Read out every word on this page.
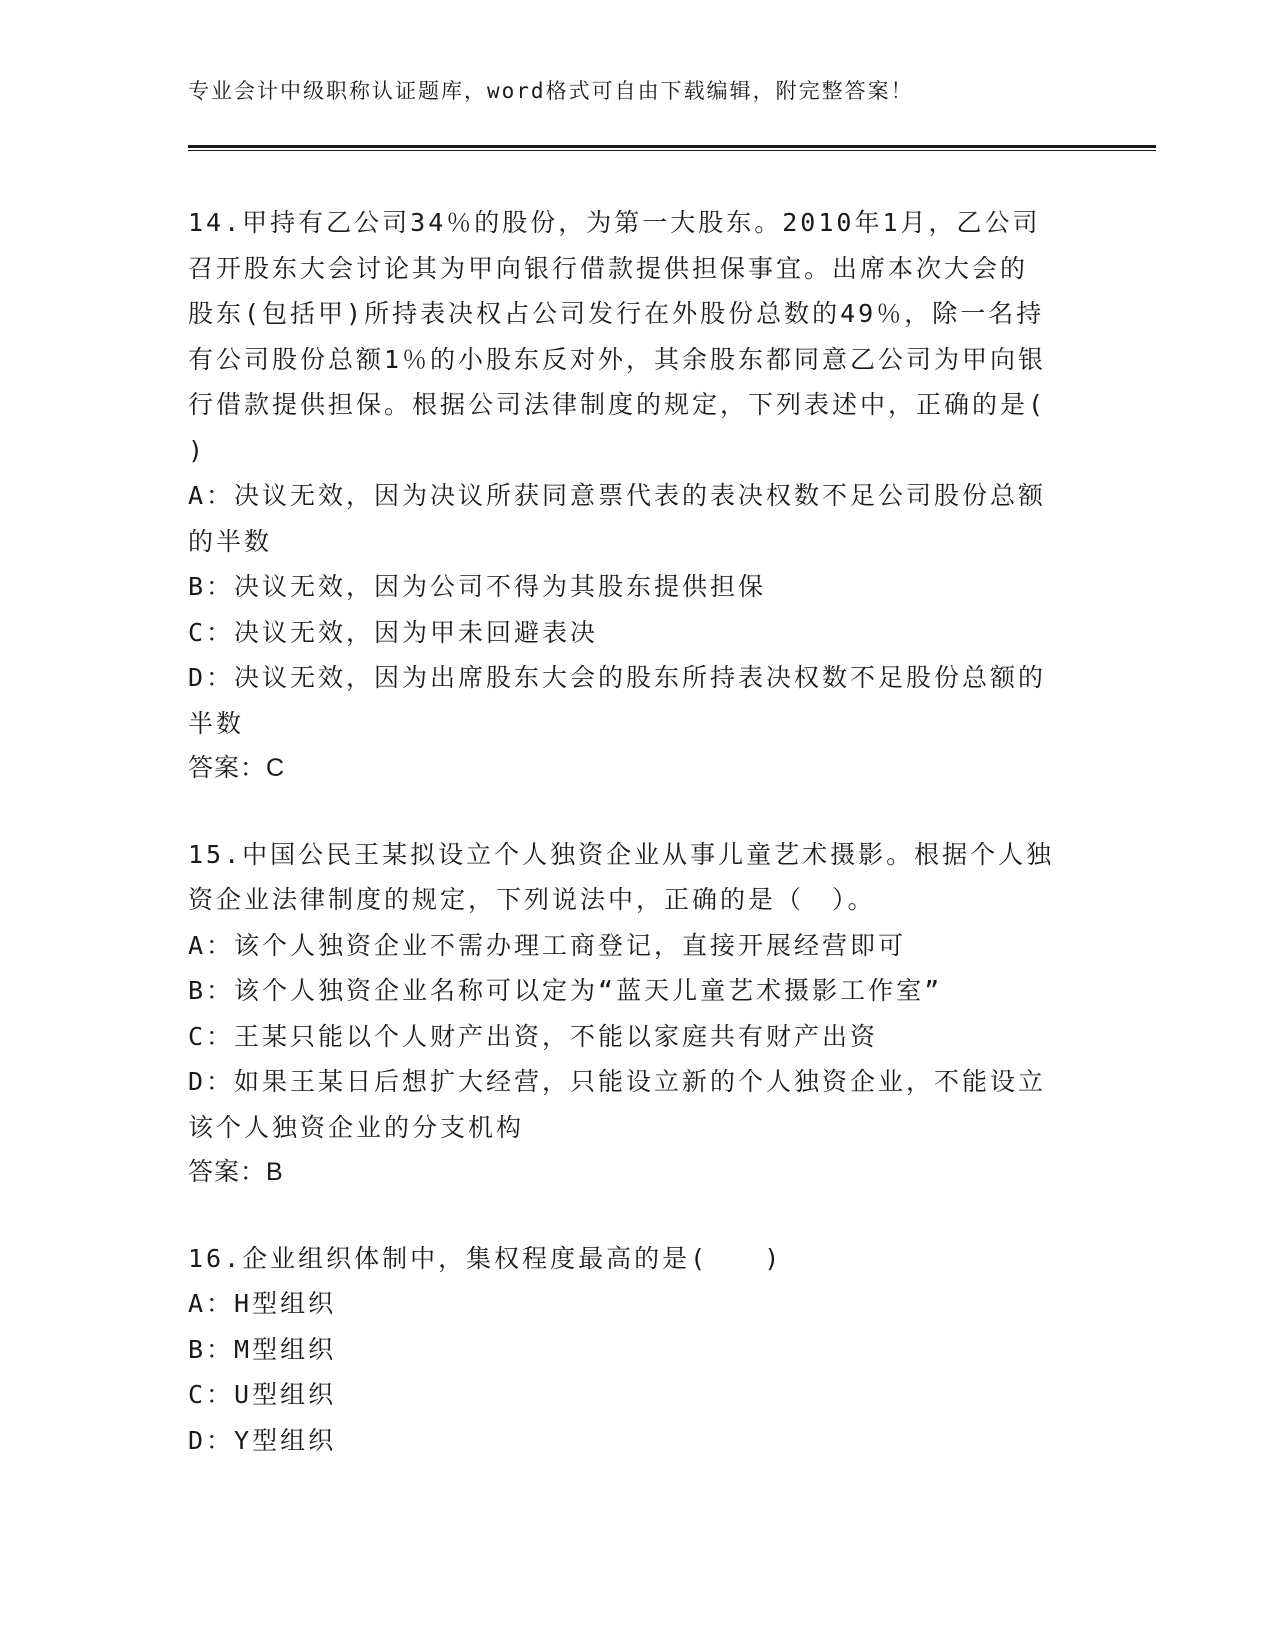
专业会计中级职称认证题库，word格式可自由下载编辑，附完整答案！
14.甲持有乙公司34％的股份，为第一大股东。2010年1月，乙公司
召开股东大会讨论其为甲向银行借款提供担保事宜。出席本次大会的
股东(包括甲)所持表决权占公司发行在外股份总数的49％，除一名持
有公司股份总额1％的小股东反对外，其余股东都同意乙公司为甲向银
行借款提供担保。根据公司法律制度的规定，下列表述中，正确的是(
)
A：决议无效，因为决议所获同意票代表的表决权数不足公司股份总额
的半数
B：决议无效，因为公司不得为其股东提供担保
C：决议无效，因为甲未回避表决
D：决议无效，因为出席股东大会的股东所持表决权数不足股份总额的
半数
答案：C
15.中国公民王某拟设立个人独资企业从事儿童艺术摄影。根据个人独
资企业法律制度的规定，下列说法中，正确的是（　）。
A：该个人独资企业不需办理工商登记，直接开展经营即可
B：该个人独资企业名称可以定为“蓝天儿童艺术摄影工作室”
C：王某只能以个人财产出资，不能以家庭共有财产出资
D：如果王某日后想扩大经营，只能设立新的个人独资企业，不能设立
该个人独资企业的分支机构
答案：B
16.企业组织体制中，集权程度最高的是(　　)
A：H型组织
B：M型组织
C：U型组织
D：Y型组织
